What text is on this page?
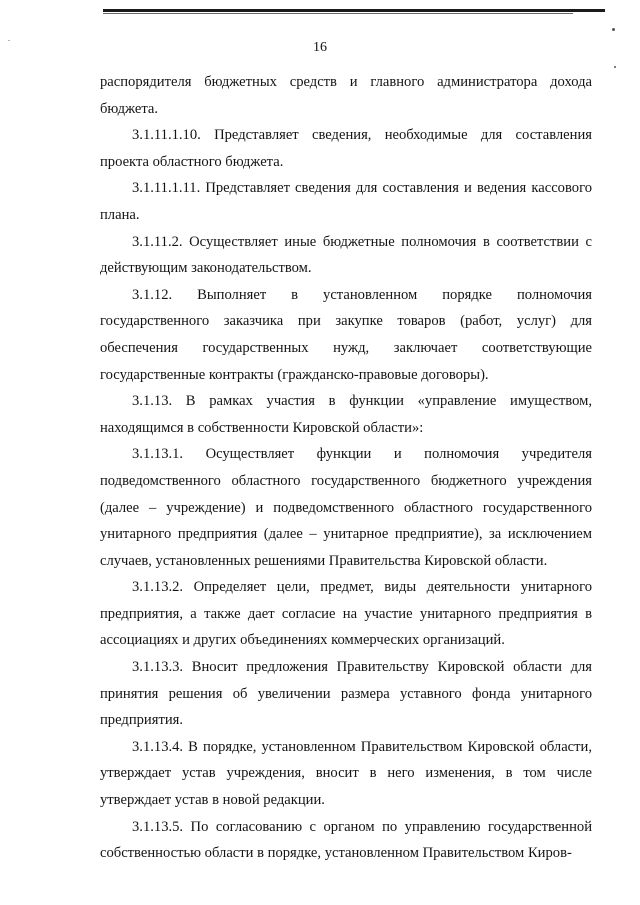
16

распорядителя бюджетных средств и главного администратора дохода бюджета.

3.1.11.1.10. Представляет сведения, необходимые для составления проекта областного бюджета.

3.1.11.1.11. Представляет сведения для составления и ведения кассового плана.

3.1.11.2. Осуществляет иные бюджетные полномочия в соответствии с действующим законодательством.

3.1.12. Выполняет в установленном порядке полномочия государственного заказчика при закупке товаров (работ, услуг) для обеспечения государственных нужд, заключает соответствующие государственные контракты (гражданско-правовые договоры).

3.1.13. В рамках участия в функции «управление имуществом, находящимся в собственности Кировской области»:

3.1.13.1. Осуществляет функции и полномочия учредителя подведомственного областного государственного бюджетного учреждения (далее – учреждение) и подведомственного областного государственного унитарного предприятия (далее – унитарное предприятие), за исключением случаев, установленных решениями Правительства Кировской области.

3.1.13.2. Определяет цели, предмет, виды деятельности унитарного предприятия, а также дает согласие на участие унитарного предприятия в ассоциациях и других объединениях коммерческих организаций.

3.1.13.3. Вносит предложения Правительству Кировской области для принятия решения об увеличении размера уставного фонда унитарного предприятия.

3.1.13.4. В порядке, установленном Правительством Кировской области, утверждает устав учреждения, вносит в него изменения, в том числе утверждает устав в новой редакции.

3.1.13.5. По согласованию с органом по управлению государственной собственностью области в порядке, установленном Правительством Киров-
